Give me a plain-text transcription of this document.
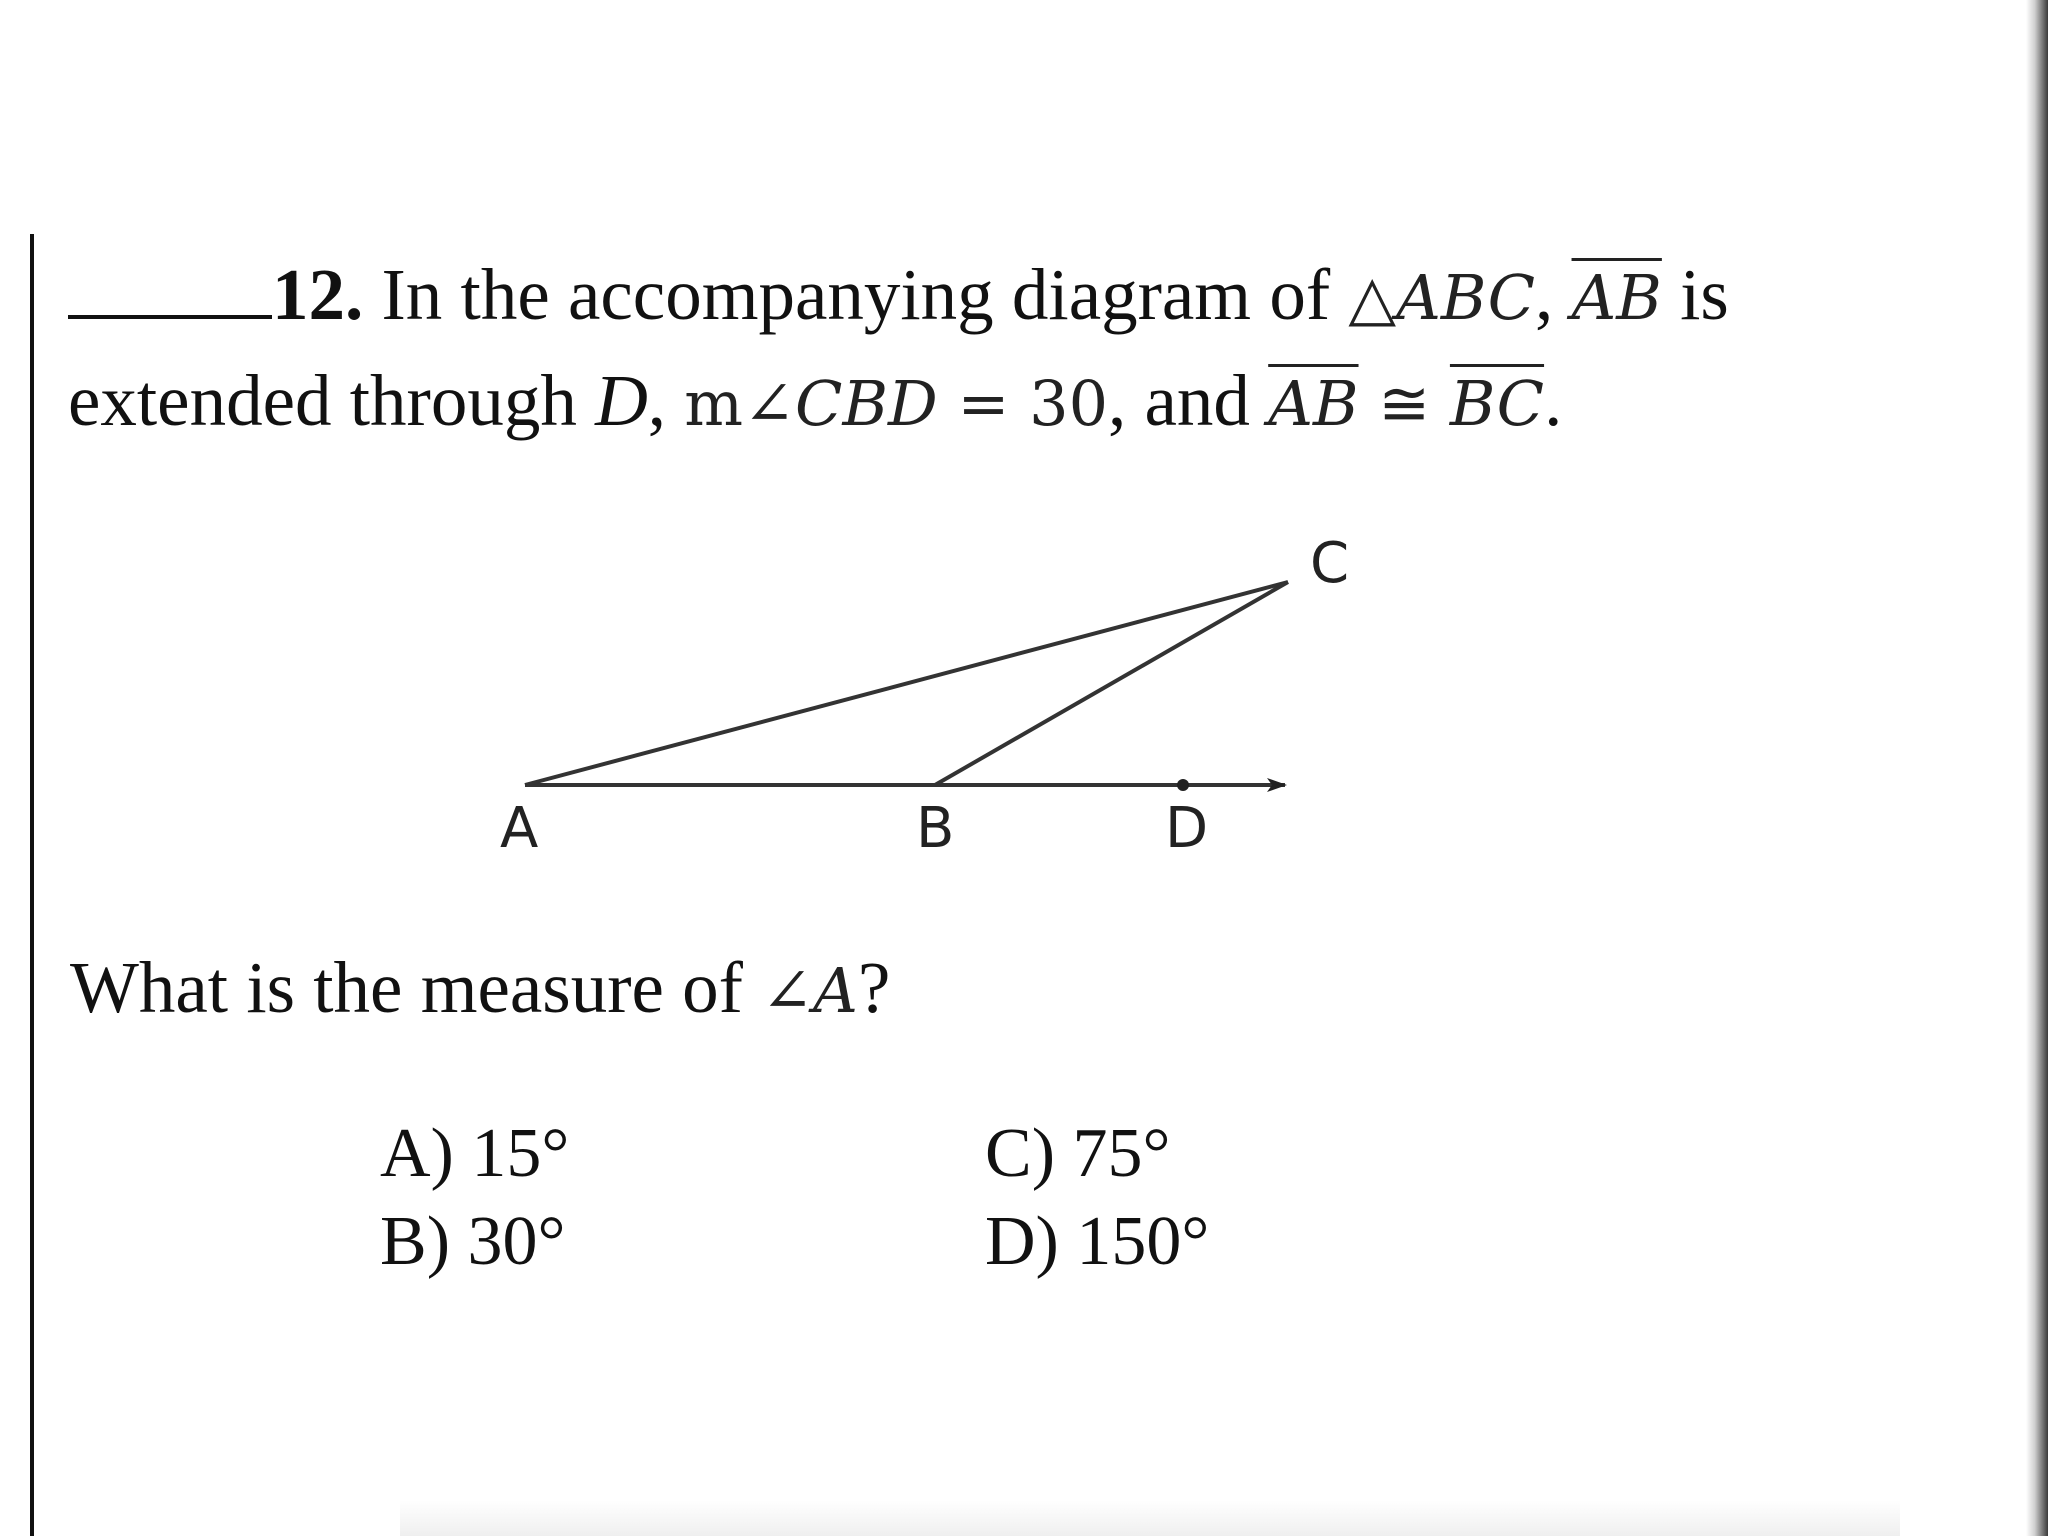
12. In the accompanying diagram of △ABC, $\overline{AB}$ is
extended through D, m∠CBD = 30, and $\overline{AB}$ ≅ $\overline{BC}$.
A	B
C
D
What is the measure of ∠A?
A) 15°
B) 30°
C) 75°
D) 150°
